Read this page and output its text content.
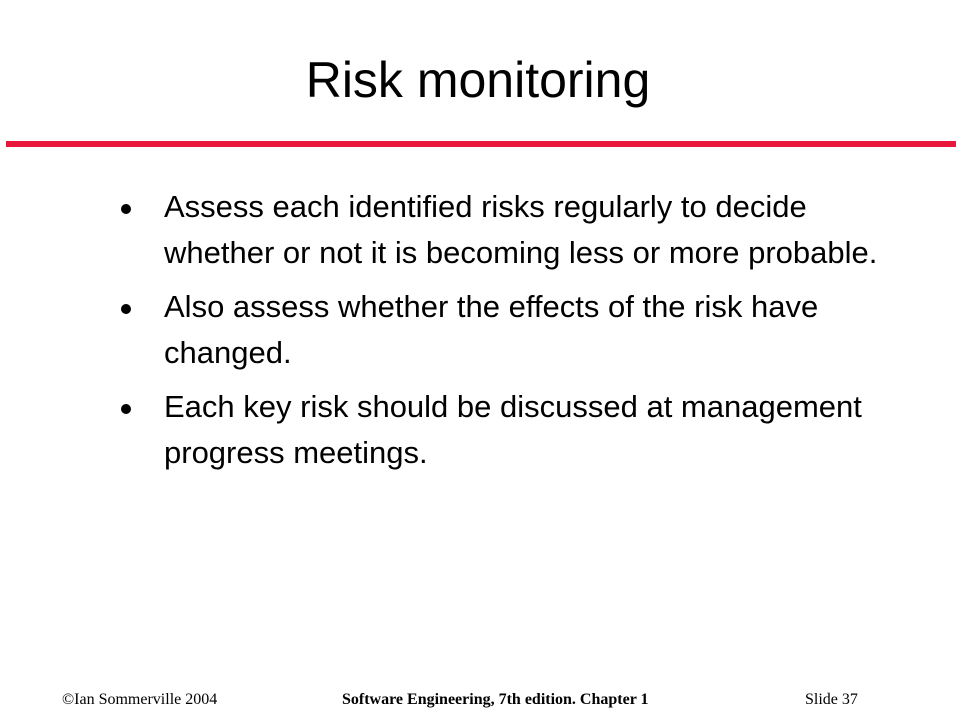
Risk monitoring
Assess each identified risks regularly to decide whether or not it is becoming less or more probable.
Also assess whether the effects of the risk have changed.
Each key risk should be discussed at management progress meetings.
©Ian Sommerville 2004	Software Engineering, 7th edition. Chapter 1	Slide 37
